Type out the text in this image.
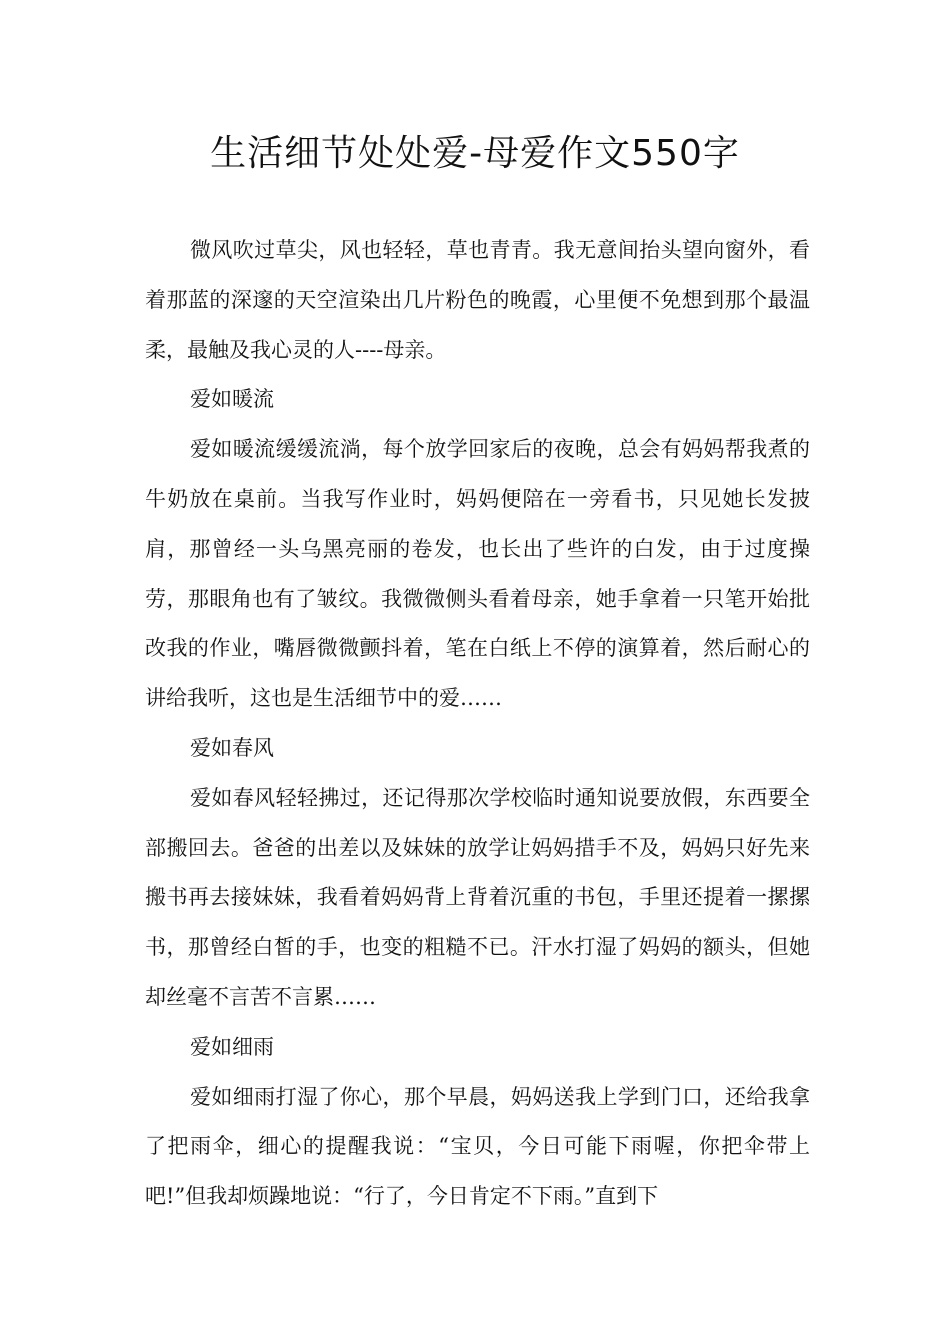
生活细节处处爱-母爱作文550字

微风吹过草尖，风也轻轻，草也青青。我无意间抬头望向窗外，看着那蓝的深邃的天空渲染出几片粉色的晚霞，心里便不免想到那个最温柔，最触及我心灵的人----母亲。

爱如暖流

爱如暖流缓缓流淌，每个放学回家后的夜晚，总会有妈妈帮我煮的牛奶放在桌前。当我写作业时，妈妈便陪在一旁看书，只见她长发披肩，那曾经一头乌黑亮丽的卷发，也长出了些许的白发，由于过度操劳，那眼角也有了皱纹。我微微侧头看着母亲，她手拿着一只笔开始批改我的作业，嘴唇微微颤抖着，笔在白纸上不停的演算着，然后耐心的讲给我听，这也是生活细节中的爱……

爱如春风

爱如春风轻轻拂过，还记得那次学校临时通知说要放假，东西要全部搬回去。爸爸的出差以及妹妹的放学让妈妈措手不及，妈妈只好先来搬书再去接妹妹，我看着妈妈背上背着沉重的书包，手里还提着一摞摞书，那曾经白皙的手，也变的粗糙不已。汗水打湿了妈妈的额头，但她却丝毫不言苦不言累……

爱如细雨

爱如细雨打湿了你心，那个早晨，妈妈送我上学到门口，还给我拿了把雨伞，细心的提醒我说：“宝贝，今日可能下雨喔，你把伞带上吧!”但我却烦躁地说：“行了，今日肯定不下雨。”直到下
